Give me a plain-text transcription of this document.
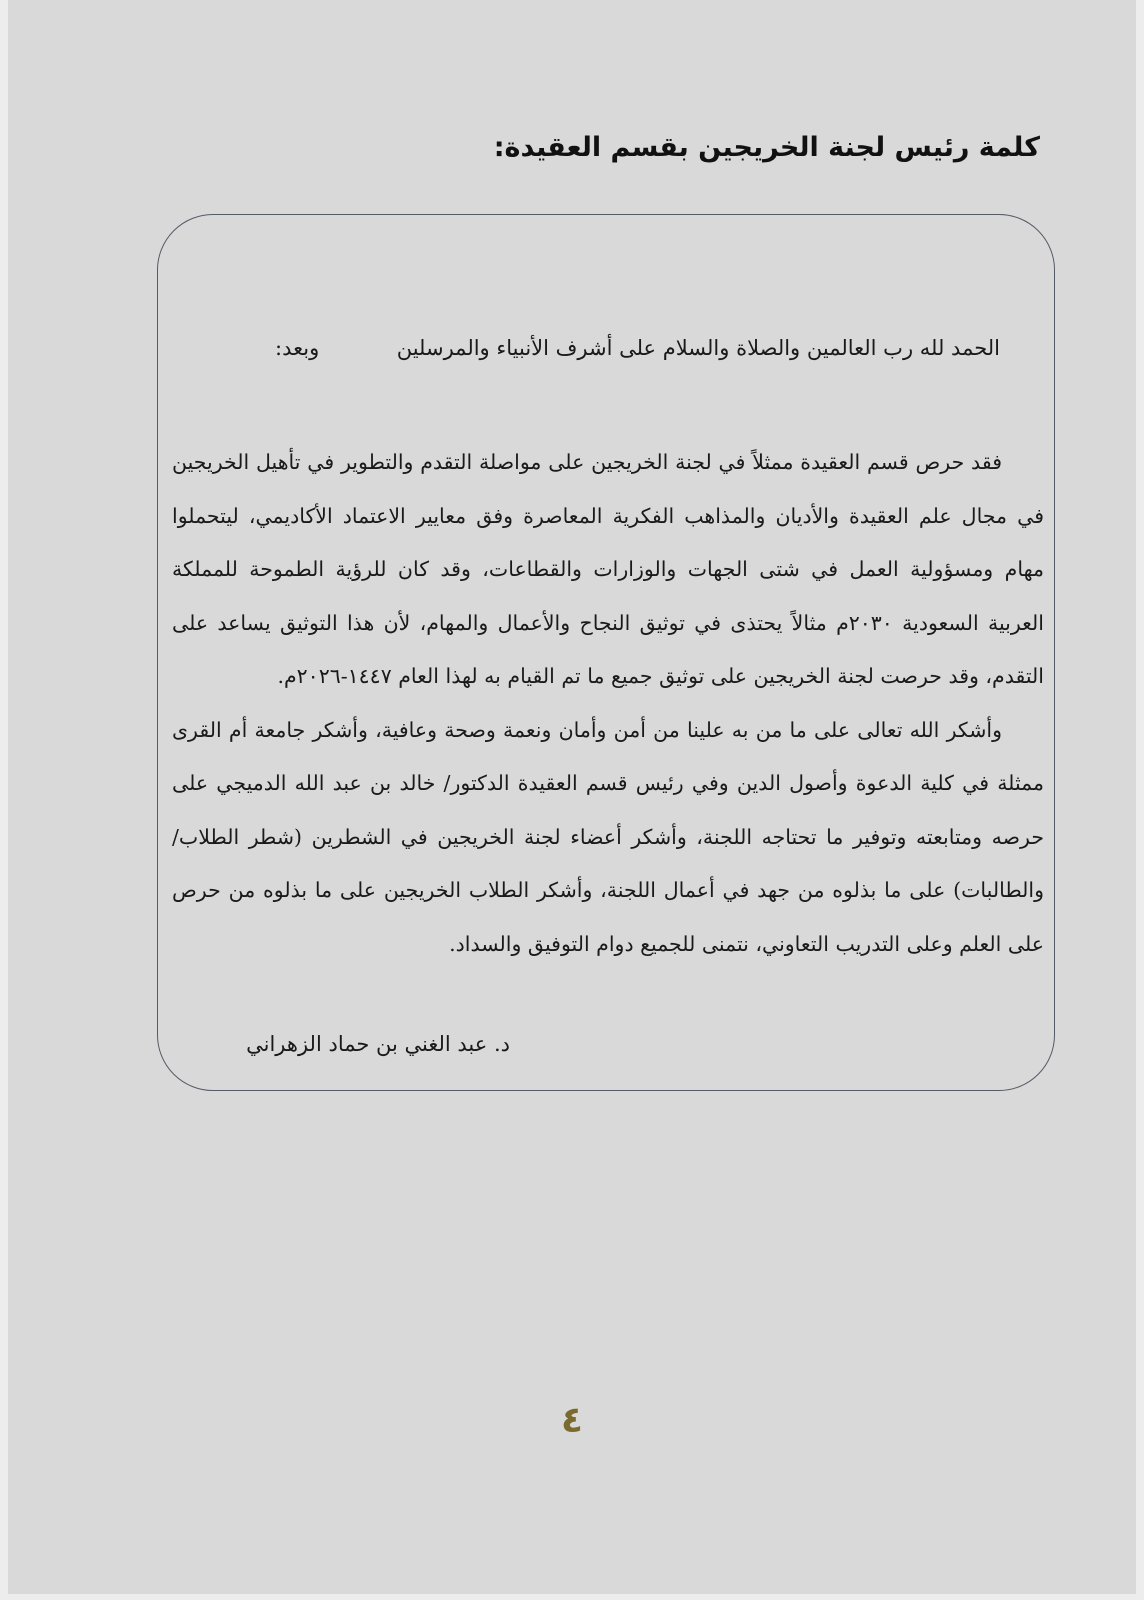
كلمة رئيس لجنة الخريجين بقسم العقيدة:
الحمد لله رب العالمين والصلاة والسلام على أشرف الأنبياء والمرسلين
وبعد:

فقد حرص قسم العقيدة ممثلاً في لجنة الخريجين على مواصلة التقدم والتطوير في تأهيل الخريجين في مجال علم العقيدة والأديان والمذاهب الفكرية المعاصرة وفق معايير الاعتماد الأكاديمي، ليتحملوا مهام ومسؤولية العمل في شتى الجهات والوزارات والقطاعات، وقد كان للرؤية الطموحة للمملكة العربية السعودية ٢٠٣٠م مثالاً يحتذى في توثيق النجاح والأعمال والمهام، لأن هذا التوثيق يساعد على التقدم، وقد حرصت لجنة الخريجين على توثيق جميع ما تم القيام به لهذا العام ١٤٤٧-٢٠٢٦م.

وأشكر الله تعالى على ما من به علينا من أمن وأمان ونعمة وصحة وعافية، وأشكر جامعة أم القرى ممثلة في كلية الدعوة وأصول الدين وفي رئيس قسم العقيدة الدكتور/ خالد بن عبد الله الدميجي على حرصه ومتابعته وتوفير ما تحتاجه اللجنة، وأشكر أعضاء لجنة الخريجين في الشطرين (شطر الطلاب/ والطالبات) على ما بذلوه من جهد في أعمال اللجنة، وأشكر الطلاب الخريجين على ما بذلوه من حرص على العلم وعلى التدريب التعاوني، نتمنى للجميع دوام التوفيق والسداد.

د. عبد الغني بن حماد الزهراني
٤
